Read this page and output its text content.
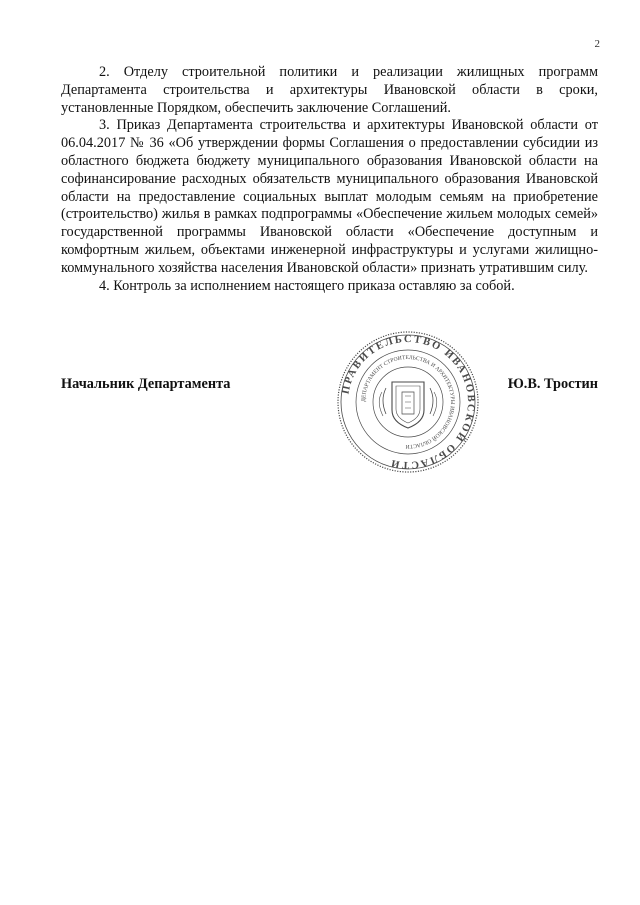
2

2. Отделу строительной политики и реализации жилищных программ Департамента строительства и архитектуры Ивановской области в сроки, установленные Порядком, обеспечить заключение Соглашений.

3. Приказ Департамента строительства и архитектуры Ивановской области от 06.04.2017 № 36 «Об утверждении формы Соглашения о предоставлении субсидии из областного бюджета бюджету муниципального образования Ивановской области на софинансирование расходных обязательств муниципального образования Ивановской области на предоставление социальных выплат молодым семьям на приобретение (строительство) жилья в рамках подпрограммы «Обеспечение жильем молодых семей» государственной программы Ивановской области «Обеспечение доступным и комфортным жильем, объектами инженерной инфраструктуры и услугами жилищно-коммунального хозяйства населения Ивановской области» признать утратившим силу.

4. Контроль за исполнением настоящего приказа оставляю за собой.

Начальник Департамента	ПРАВИТЕЛЬСТВО ИВАНОВСКОЙ ОБЛАСТИ
ДЕПАРТАМЕНТ СТРОИТЕЛЬСТВА И АРХИТЕКТУРЫ ИВАНОВСКОЙ ОБЛАСТИ
Ю.В. Тростин
